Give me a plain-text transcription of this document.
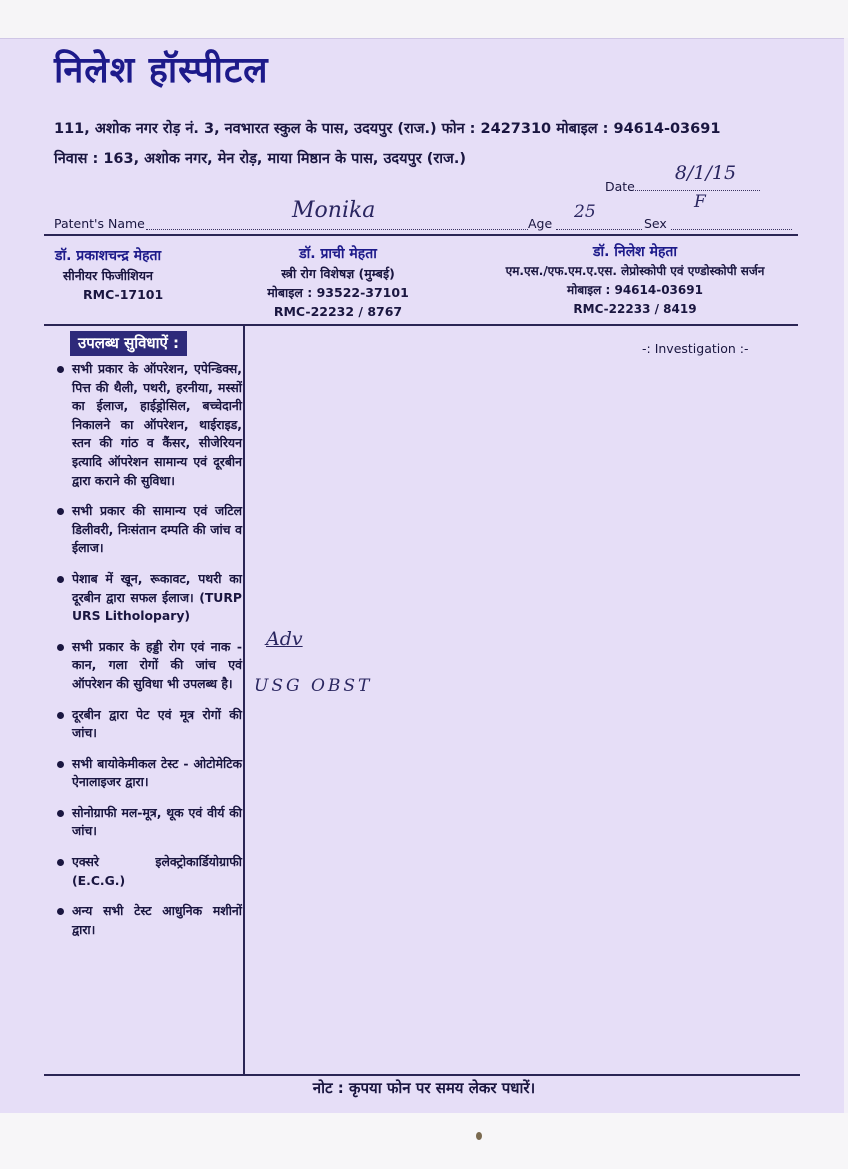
निलेश हॉस्पीटल
111, अशोक नगर रोड़ नं. 3, नवभारत स्कुल के पास, उदयपुर (राज.) फोन : 2427310 मोबाइल : 94614-03691
निवास : 163, अशोक नगर, मेन रोड़, माया मिष्ठान के पास, उदयपुर (राज.)
Date
8/1/15
Patent's Name
Monika
Age
25
Sex
F
डॉ. प्रकाशचन्द्र मेहता
सीनीयर फिजीशियन
RMC-17101
डॉ. प्राची मेहता
स्त्री रोग विशेषज्ञ (मुम्बई)
मोबाइल : 93522-37101
RMC-22232 / 8767
डॉ. निलेश मेहता
एम.एस./एफ.एम.ए.एस. लेप्रोस्कोपी एवं एण्डोस्कोपी सर्जन
मोबाइल : 94614-03691
RMC-22233 / 8419
उपलब्ध सुविधाऐं :
सभी प्रकार के ऑपरेशन, एपेन्डिक्स, पित्त की थैली, पथरी, हरनीया, मस्सों का ईलाज, हाईड्रोसिल, बच्चेदानी निकालने का ऑपरेशन, थाईराइड, स्तन की गांठ व कैंसर, सीजेरियन इत्यादि ऑपरेशन सामान्य एवं दूरबीन द्वारा कराने की सुविधा।
सभी प्रकार की सामान्य एवं जटिल डिलीवरी, निःसंतान दम्पति की जांच व ईलाज।
पेशाब में खून, रूकावट, पथरी का दूरबीन द्वारा सफल ईलाज। (TURP URS Litholopary)
सभी प्रकार के हड्डी रोग एवं नाक - कान, गला रोगों की जांच एवं ऑपरेशन की सुविधा भी उपलब्ध है।
दूरबीन द्वारा पेट एवं मूत्र रोगों की जांच।
सभी बायोकेमीकल टेस्ट - ओटोमेटिक ऐनालाइजर द्वारा।
सोनोग्राफी मल-मूत्र, थूक एवं वीर्य की जांच।
एक्सरे इलेक्ट्रोकार्डियोग्राफी (E.C.G.)
अन्य सभी टेस्ट आधुनिक मशीनों द्वारा।
-: Investigation :-
Adv
USG OBST
नोट : कृपया फोन पर समय लेकर पधारें।
